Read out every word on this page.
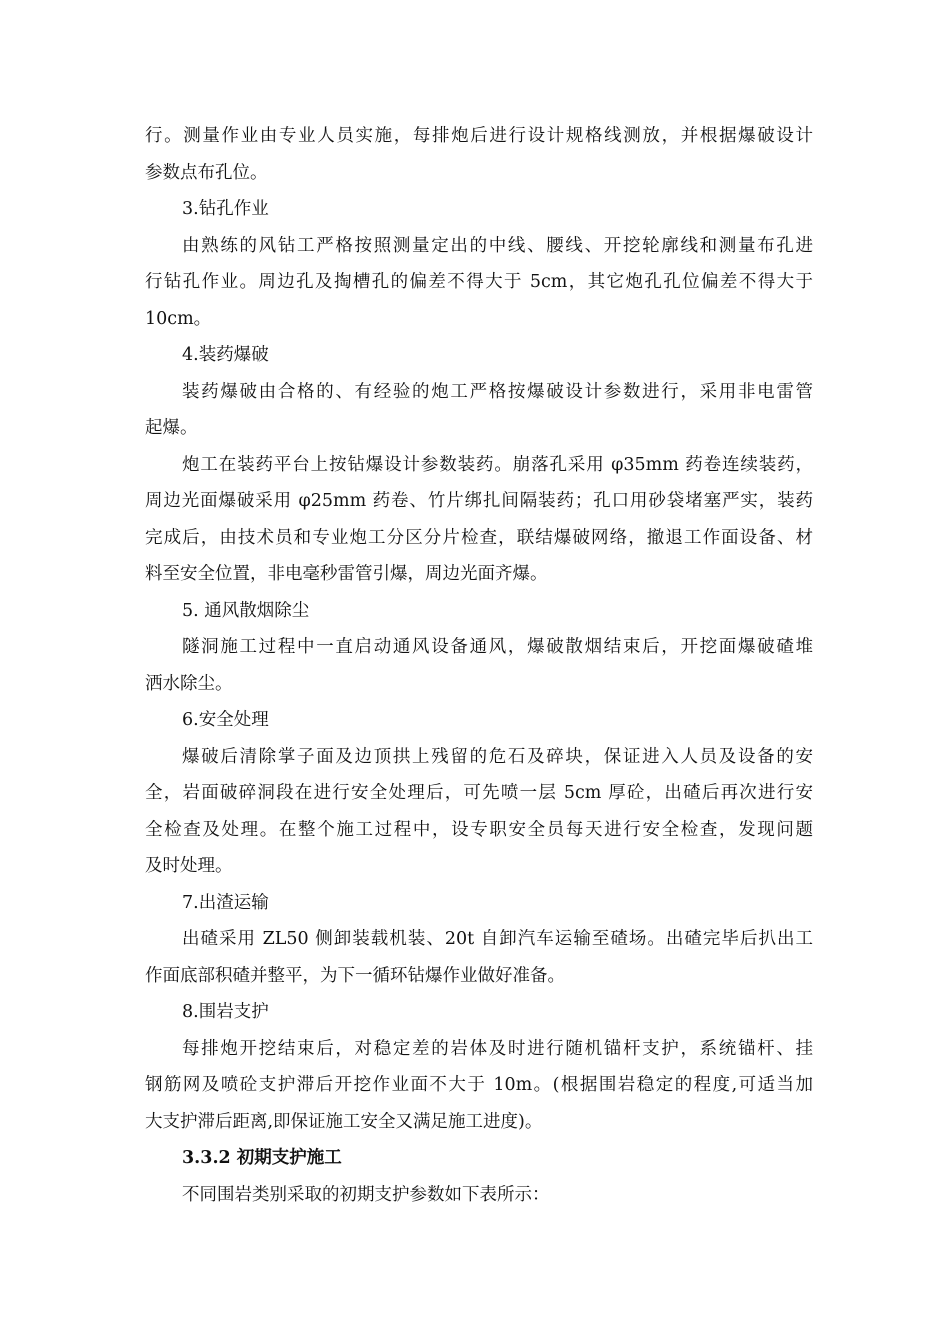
行。测量作业由专业人员实施，每排炮后进行设计规格线测放，并根据爆破设计
参数点布孔位。
3.钻孔作业
由熟练的风钻工严格按照测量定出的中线、腰线、开挖轮廓线和测量布孔进
行钻孔作业。周边孔及掏槽孔的偏差不得大于 5cm，其它炮孔孔位偏差不得大于
10cm。
4.装药爆破
装药爆破由合格的、有经验的炮工严格按爆破设计参数进行，采用非电雷管
起爆。
炮工在装药平台上按钻爆设计参数装药。崩落孔采用 φ35mm 药卷连续装药，
周边光面爆破采用 φ25mm 药卷、竹片绑扎间隔装药；孔口用砂袋堵塞严实，装药
完成后，由技术员和专业炮工分区分片检查，联结爆破网络，撤退工作面设备、材
料至安全位置，非电毫秒雷管引爆，周边光面齐爆。
5. 通风散烟除尘
隧洞施工过程中一直启动通风设备通风，爆破散烟结束后，开挖面爆破碴堆
洒水除尘。
6.安全处理
爆破后清除掌子面及边顶拱上残留的危石及碎块，保证进入人员及设备的安
全，岩面破碎洞段在进行安全处理后，可先喷一层 5cm 厚砼，出碴后再次进行安
全检查及处理。在整个施工过程中，设专职安全员每天进行安全检查，发现问题
及时处理。
7.出渣运输
出碴采用 ZL50 侧卸装载机装、20t 自卸汽车运输至碴场。出碴完毕后扒出工
作面底部积碴并整平，为下一循环钻爆作业做好准备。
8.围岩支护
每排炮开挖结束后，对稳定差的岩体及时进行随机锚杆支护，系统锚杆、挂
钢筋网及喷砼支护滞后开挖作业面不大于 10m。(根据围岩稳定的程度,可适当加
大支护滞后距离,即保证施工安全又满足施工进度)。
3.3.2 初期支护施工
不同围岩类别采取的初期支护参数如下表所示：
